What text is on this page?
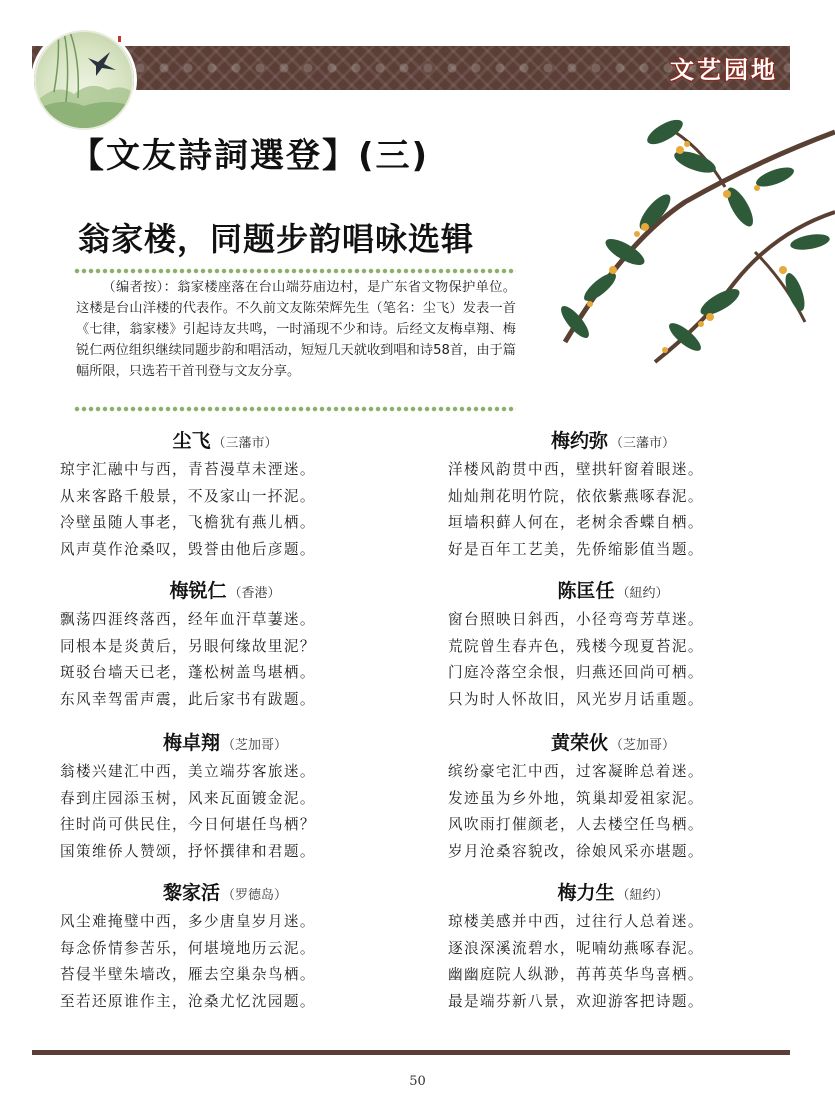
文艺园地
【文友詩詞選登】(三)
翁家楼，同题步韵唱咏选辑
（编者按）：翁家楼座落在台山端芬庙边村，是广东省文物保护单位。这楼是台山洋楼的代表作。不久前文友陈荣辉先生（笔名：尘飞）发表一首《七律，翁家楼》引起诗友共鸣，一时涌现不少和诗。后经文友梅卓翔、梅锐仁两位组织继续同题步韵和唱活动，短短几天就收到唱和诗58首，由于篇幅所限，只选若干首刊登与文友分享。
尘飞 （三藩市）
琼宇汇融中与西，青苔漫草未湮迷。
从来客路千般景，不及家山一抔泥。
冷壁虽随人事老，飞檐犹有燕儿栖。
风声莫作沧桑叹，毁誉由他后彦题。
梅约弥 （三藩市）
洋楼风韵贯中西，壁拱轩窗着眼迷。
灿灿荆花明竹院，依依紫燕啄春泥。
垣墙积藓人何在，老树余香蝶自栖。
好是百年工艺美，先侨缩影值当题。
梅锐仁 （香港）
飘荡四涯终落西，经年血汗草萋迷。
同根本是炎黄后，另眼何缘故里泥？
斑驳台墙天已老，蓬松树盖鸟堪栖。
东风幸驾雷声震，此后家书有跋题。
陈匡任 （紐约）
窗台照映日斜西，小径弯弯芳草迷。
荒院曾生春卉色，残楼今现夏苔泥。
门庭冷落空余恨，归燕还回尚可栖。
只为时人怀故旧，风光岁月话重题。
梅卓翔 （芝加哥）
翁楼兴建汇中西，美立端芬客旅迷。
春到庄园添玉树，风来瓦面镀金泥。
往时尚可供民住，今日何堪任鸟栖？
国策维侨人赞颂，抒怀撰律和君题。
黄荣伙 （芝加哥）
缤纷豪宅汇中西，过客凝眸总着迷。
发迹虽为乡外地，筑巢却爱祖家泥。
风吹雨打催颜老，人去楼空任鸟栖。
岁月沧桑容貌改，徐娘风采亦堪题。
黎家活 （罗德岛）
风尘难掩璧中西，多少唐皇岁月迷。
每念侨情参苦乐，何堪境地历云泥。
苔侵半壁朱墙改，雁去空巢杂鸟栖。
至若还原谁作主，沧桑尤忆沈园题。
梅力生 （紐约）
琼楼美感并中西，过往行人总着迷。
逐浪深溪流碧水，呢喃幼燕啄春泥。
幽幽庭院人纵渺，苒苒英华鸟喜栖。
最是端芬新八景，欢迎游客把诗题。
50
